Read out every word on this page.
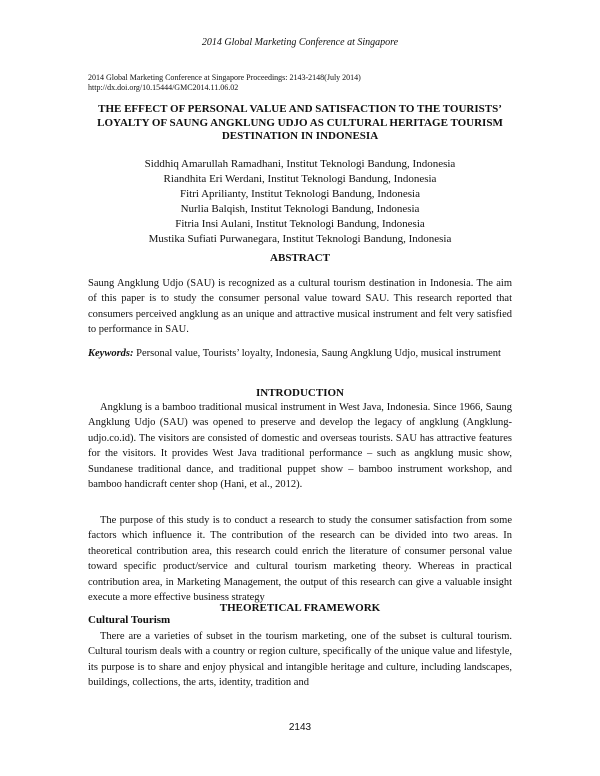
2014 Global Marketing Conference at Singapore
2014 Global Marketing Conference at Singapore Proceedings: 2143-2148(July 2014)
http://dx.doi.org/10.15444/GMC2014.11.06.02
THE EFFECT OF PERSONAL VALUE AND SATISFACTION TO THE TOURISTS’ LOYALTY OF SAUNG ANGKLUNG UDJO AS CULTURAL HERITAGE TOURISM DESTINATION IN INDONESIA
Siddhiq Amarullah Ramadhani, Institut Teknologi Bandung, Indonesia
Riandhita Eri Werdani, Institut Teknologi Bandung, Indonesia
Fitri Aprilianty, Institut Teknologi Bandung, Indonesia
Nurlia Balqish, Institut Teknologi Bandung, Indonesia
Fitria Insi Aulani, Institut Teknologi Bandung, Indonesia
Mustika Sufiati Purwanegara, Institut Teknologi Bandung, Indonesia
ABSTRACT

Saung Angklung Udjo (SAU) is recognized as a cultural tourism destination in Indonesia. The aim of this paper is to study the consumer personal value toward SAU. This research reported that consumers perceived angklung as an unique and attractive musical instrument and felt very satisfied to performance in SAU.

Keywords: Personal value, Tourists’ loyalty, Indonesia, Saung Angklung Udjo, musical instrument

INTRODUCTION

Angklung is a bamboo traditional musical instrument in West Java, Indonesia. Since 1966, Saung Angklung Udjo (SAU) was opened to preserve and develop the legacy of angklung (Angklung-udjo.co.id). The visitors are consisted of domestic and overseas tourists. SAU has attractive features for the visitors. It provides West Java traditional performance – such as angklung music show, Sundanese traditional dance, and traditional puppet show – bamboo instrument workshop, and bamboo handicraft center shop (Hani, et al., 2012).

The purpose of this study is to conduct a research to study the consumer satisfaction from some factors which influence it. The contribution of the research can be divided into two areas. In theoretical contribution area, this research could enrich the literature of consumer personal value toward specific product/service and cultural tourism marketing theory. Whereas in practical contribution area, in Marketing Management, the output of this research can give a valuable insight execute a more effective business strategy

THEORETICAL FRAMEWORK
Cultural Tourism

There are a varieties of subset in the tourism marketing, one of the subset is cultural tourism. Cultural tourism deals with a country or region culture, specifically of the unique value and lifestyle, its purpose is to share and enjoy physical and intangible heritage and culture, including landscapes, buildings, collections, the arts, identity, tradition and

2143
